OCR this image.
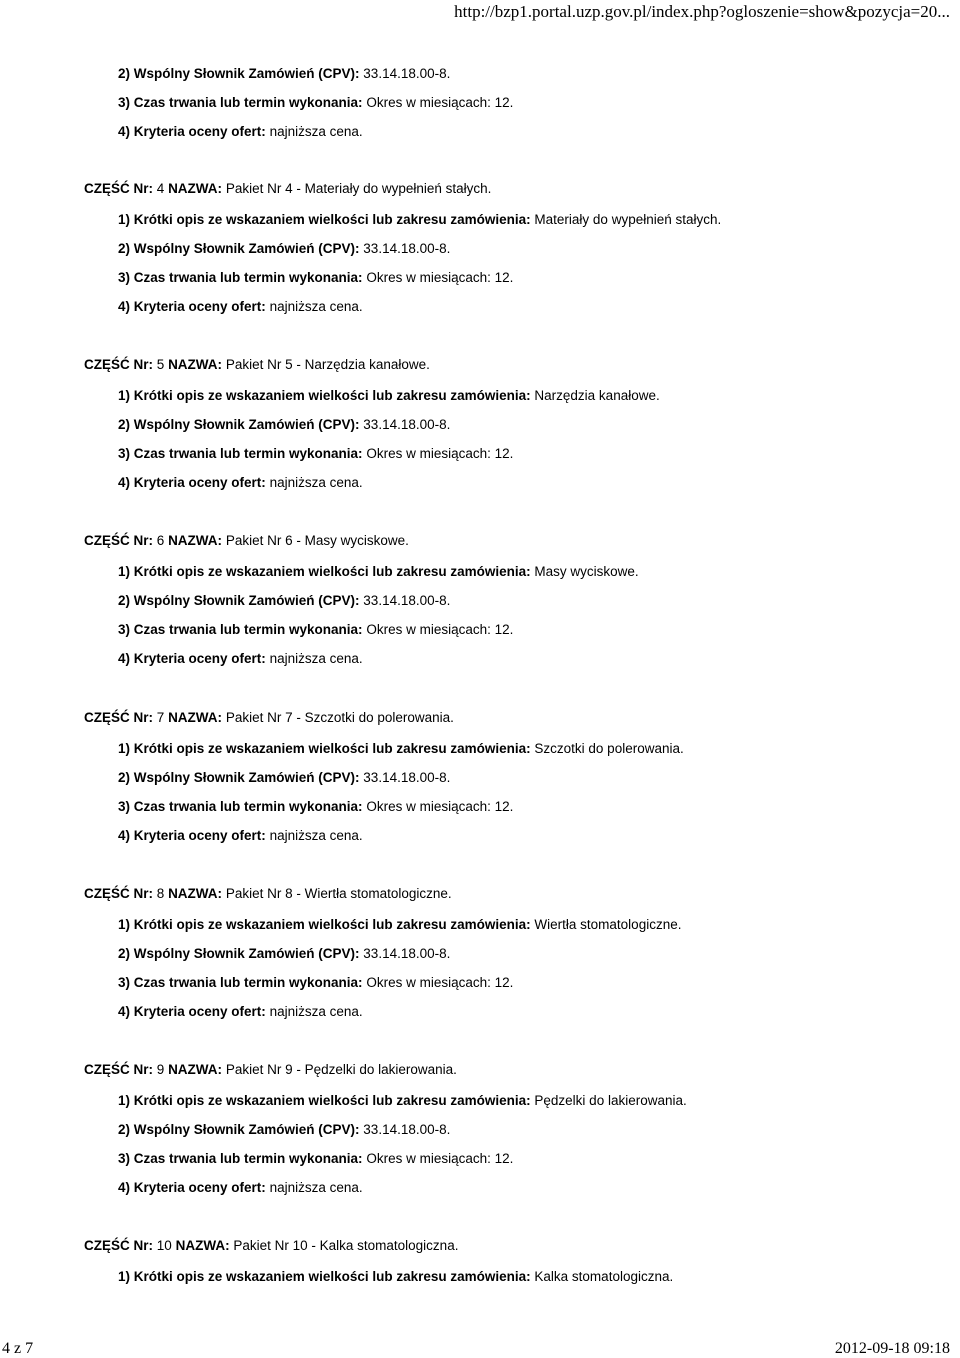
http://bzp1.portal.uzp.gov.pl/index.php?ogloszenie=show&pozycja=20...
2) Wspólny Słownik Zamówień (CPV): 33.14.18.00-8.
3) Czas trwania lub termin wykonania: Okres w miesiącach: 12.
4) Kryteria oceny ofert: najniższa cena.
CZĘŚĆ Nr: 4 NAZWA: Pakiet Nr 4 - Materiały do wypełnień stałych.
1) Krótki opis ze wskazaniem wielkości lub zakresu zamówienia: Materiały do wypełnień stałych.
2) Wspólny Słownik Zamówień (CPV): 33.14.18.00-8.
3) Czas trwania lub termin wykonania: Okres w miesiącach: 12.
4) Kryteria oceny ofert: najniższa cena.
CZĘŚĆ Nr: 5 NAZWA: Pakiet Nr 5 - Narzędzia kanałowe.
1) Krótki opis ze wskazaniem wielkości lub zakresu zamówienia: Narzędzia kanałowe.
2) Wspólny Słownik Zamówień (CPV): 33.14.18.00-8.
3) Czas trwania lub termin wykonania: Okres w miesiącach: 12.
4) Kryteria oceny ofert: najniższa cena.
CZĘŚĆ Nr: 6 NAZWA: Pakiet Nr 6 - Masy wyciskowe.
1) Krótki opis ze wskazaniem wielkości lub zakresu zamówienia: Masy wyciskowe.
2) Wspólny Słownik Zamówień (CPV): 33.14.18.00-8.
3) Czas trwania lub termin wykonania: Okres w miesiącach: 12.
4) Kryteria oceny ofert: najniższa cena.
CZĘŚĆ Nr: 7 NAZWA: Pakiet Nr 7 - Szczotki do polerowania.
1) Krótki opis ze wskazaniem wielkości lub zakresu zamówienia: Szczotki do polerowania.
2) Wspólny Słownik Zamówień (CPV): 33.14.18.00-8.
3) Czas trwania lub termin wykonania: Okres w miesiącach: 12.
4) Kryteria oceny ofert: najniższa cena.
CZĘŚĆ Nr: 8 NAZWA: Pakiet Nr 8 - Wiertła stomatologiczne.
1) Krótki opis ze wskazaniem wielkości lub zakresu zamówienia: Wiertła stomatologiczne.
2) Wspólny Słownik Zamówień (CPV): 33.14.18.00-8.
3) Czas trwania lub termin wykonania: Okres w miesiącach: 12.
4) Kryteria oceny ofert: najniższa cena.
CZĘŚĆ Nr: 9 NAZWA: Pakiet Nr 9 - Pędzelki do lakierowania.
1) Krótki opis ze wskazaniem wielkości lub zakresu zamówienia: Pędzelki do lakierowania.
2) Wspólny Słownik Zamówień (CPV): 33.14.18.00-8.
3) Czas trwania lub termin wykonania: Okres w miesiącach: 12.
4) Kryteria oceny ofert: najniższa cena.
CZĘŚĆ Nr: 10 NAZWA: Pakiet Nr 10 - Kalka stomatologiczna.
1) Krótki opis ze wskazaniem wielkości lub zakresu zamówienia: Kalka stomatologiczna.
4 z 7	2012-09-18 09:18
